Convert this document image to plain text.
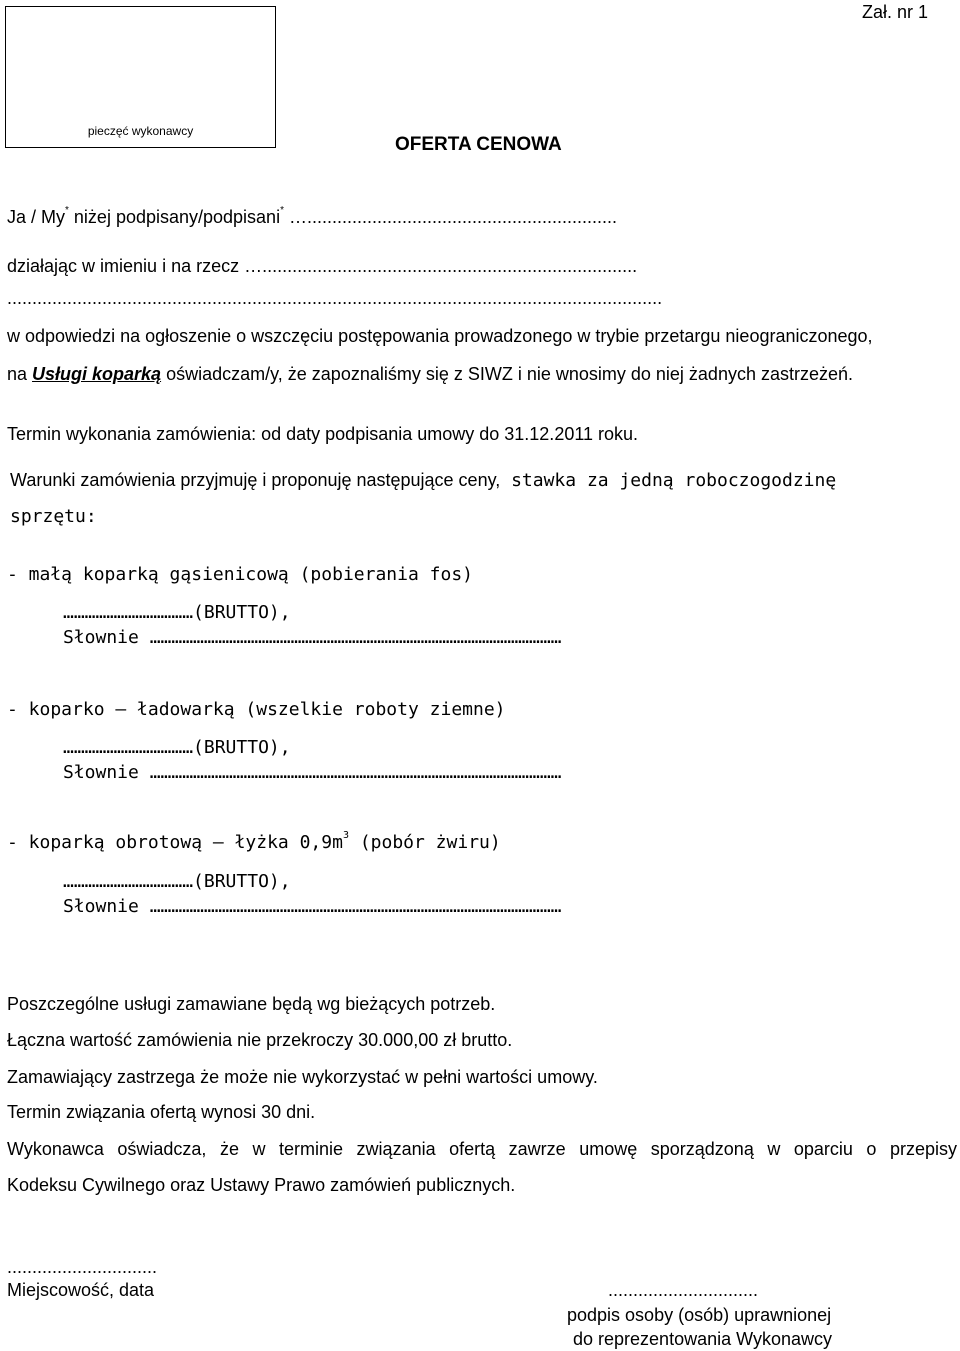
Zał. nr 1
pieczęć wykonawcy
OFERTA CENOWA
Ja / My* niżej podpisany/podpisani* …..............................................................
działając w imieniu i na rzecz …...........................................................................
...................................................................................................................................
w odpowiedzi na ogłoszenie o wszczęciu postępowania prowadzonego w trybie przetargu nieograniczonego,
na Usługi koparką oświadczam/y, że zapoznaliśmy się z SIWZ i nie wnosimy do niej żadnych zastrzeżeń.
Termin wykonania zamówienia: od daty podpisania umowy do 31.12.2011 roku.
Warunki zamówienia przyjmuję i proponuję następujące ceny, stawka za jedną roboczogodzinę
sprzętu:
- małą koparką gąsienicową (pobierania fos)
………………………………(BRUTTO),
Słownie ……………………………………………………………………………………………………
- koparko – ładowarką (wszelkie roboty ziemne)
………………………………(BRUTTO),
Słownie ……………………………………………………………………………………………………
- koparką obrotową – łyżka $0,9m^3$ (pobór żwiru)
………………………………(BRUTTO),
Słownie ……………………………………………………………………………………………………
Poszczególne usługi zamawiane będą wg bieżących potrzeb.
Łączna wartość zamówienia nie przekroczy 30.000,00 zł brutto.
Zamawiający zastrzega że może nie wykorzystać w pełni wartości umowy.
Termin związania ofertą wynosi 30 dni.
Wykonawca oświadcza, że w terminie związania ofertą zawrze umowę sporządzoną w oparciu o przepisy
Kodeksu Cywilnego oraz Ustawy Prawo zamówień publicznych.
..............................
Miejscowość, data	..............................
podpis osoby (osób) uprawnionej
do reprezentowania Wykonawcy
